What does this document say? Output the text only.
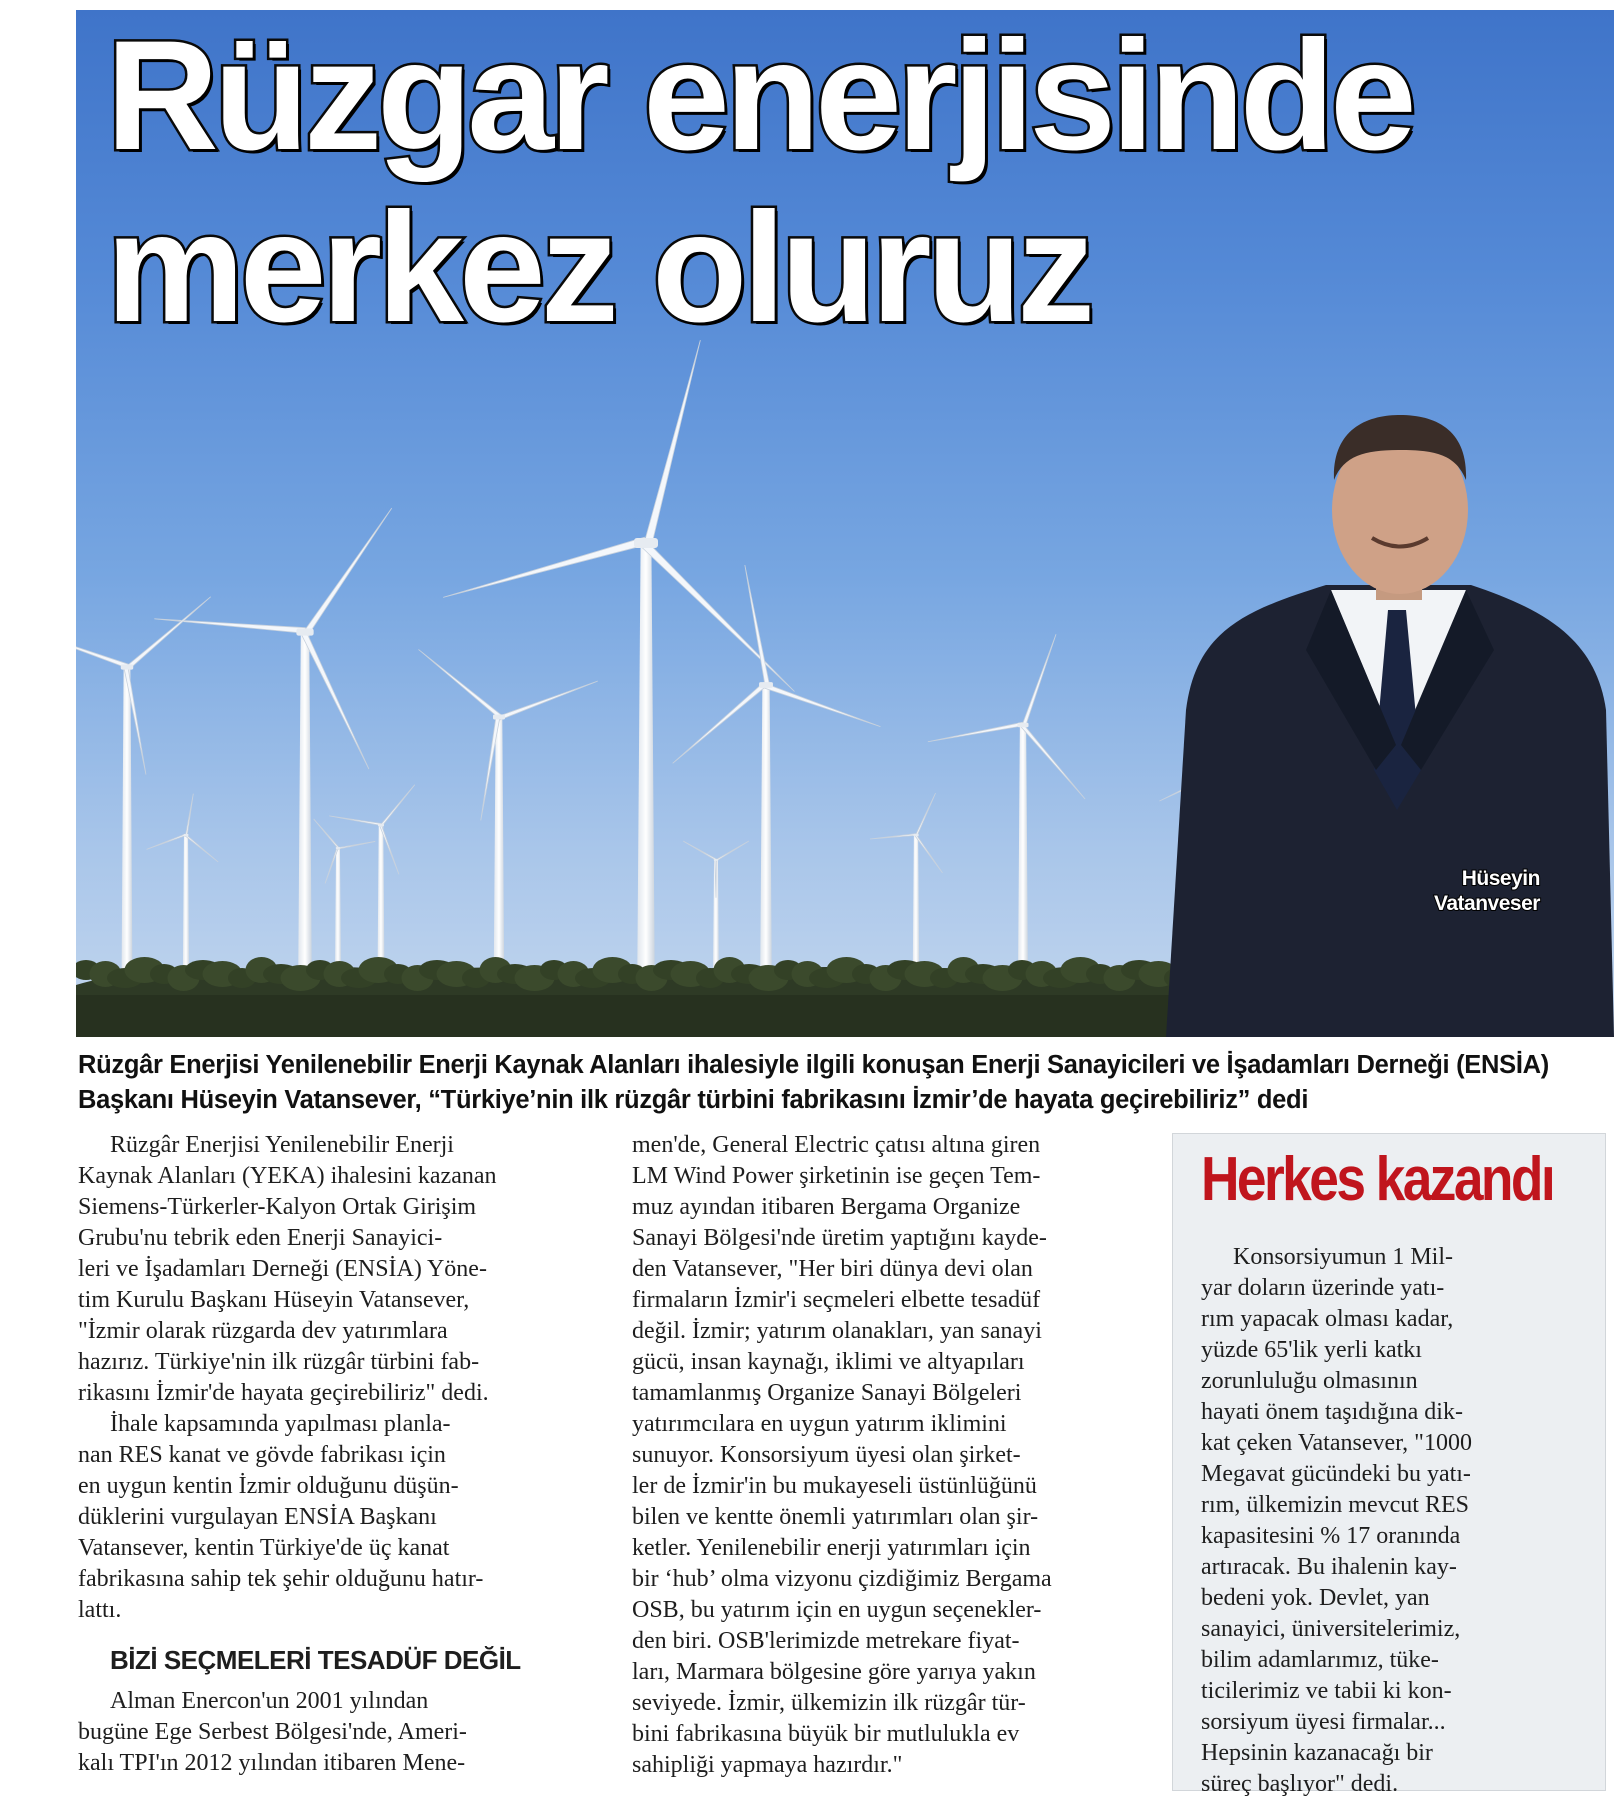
Rüzgar enerjisinde
merkez oluruz
Hüseyin
Vatanveser

Rüzgâr Enerjisi Yenilenebilir Enerji Kaynak Alanları ihalesiyle ilgili konuşan Enerji Sanayicileri ve İşadamları Derneği (ENSİA) Başkanı Hüseyin Vatansever, “Türkiye’nin ilk rüzgâr türbini fabrikasını İzmir’de hayata geçirebiliriz” dedi

Rüzgâr Enerjisi Yenilenebilir Enerji

Kaynak Alanları (YEKA) ihalesini kazanan

Siemens-Türkerler-Kalyon Ortak Girişim

Grubu'nu tebrik eden Enerji Sanayici-

leri ve İşadamları Derneği (ENSİA) Yöne-

tim Kurulu Başkanı Hüseyin Vatansever,

"İzmir olarak rüzgarda dev yatırımlara

hazırız. Türkiye'nin ilk rüzgâr türbini fab-

rikasını İzmir'de hayata geçirebiliriz" dedi.

İhale kapsamında yapılması planla-

nan RES kanat ve gövde fabrikası için

en uygun kentin İzmir olduğunu düşün-

düklerini vurgulayan ENSİA Başkanı

Vatansever, kentin Türkiye'de üç kanat

fabrikasına sahip tek şehir olduğunu hatır-

lattı.

BİZİ SEÇMELERİ TESADÜF DEĞİL

Alman Enercon'un 2001 yılından

bugüne Ege Serbest Bölgesi'nde, Ameri-

kalı TPI'ın 2012 yılından itibaren Mene-

men'de, General Electric çatısı altına giren

LM Wind Power şirketinin ise geçen Tem-

muz ayından itibaren Bergama Organize

Sanayi Bölgesi'nde üretim yaptığını kayde-

den Vatansever, "Her biri dünya devi olan

firmaların İzmir'i seçmeleri elbette tesadüf

değil. İzmir; yatırım olanakları, yan sanayi

gücü, insan kaynağı, iklimi ve altyapıları

tamamlanmış Organize Sanayi Bölgeleri

yatırımcılara en uygun yatırım iklimini

sunuyor. Konsorsiyum üyesi olan şirket-

ler de İzmir'in bu mukayeseli üstünlüğünü

bilen ve kentte önemli yatırımları olan şir-

ketler. Yenilenebilir enerji yatırımları için

bir ‘hub’ olma vizyonu çizdiğimiz Bergama

OSB, bu yatırım için en uygun seçenekler-

den biri. OSB'lerimizde metrekare fiyat-

ları, Marmara bölgesine göre yarıya yakın

seviyede. İzmir, ülkemizin ilk rüzgâr tür-

bini fabrikasına büyük bir mutlulukla ev

sahipliği yapmaya hazırdır."

Herkes kazandı

Konsorsiyumun 1 Mil-

yar doların üzerinde yatı-

rım yapacak olması kadar,

yüzde 65'lik yerli katkı

zorunluluğu olmasının

hayati önem taşıdığına dik-

kat çeken Vatansever, "1000

Megavat gücündeki bu yatı-

rım, ülkemizin mevcut RES

kapasitesini % 17 oranında

artıracak. Bu ihalenin kay-

bedeni yok. Devlet, yan

sanayici, üniversitelerimiz,

bilim adamlarımız, tüke-

ticilerimiz ve tabii ki kon-

sorsiyum üyesi firmalar...

Hepsinin kazanacağı bir

süreç başlıyor" dedi.
